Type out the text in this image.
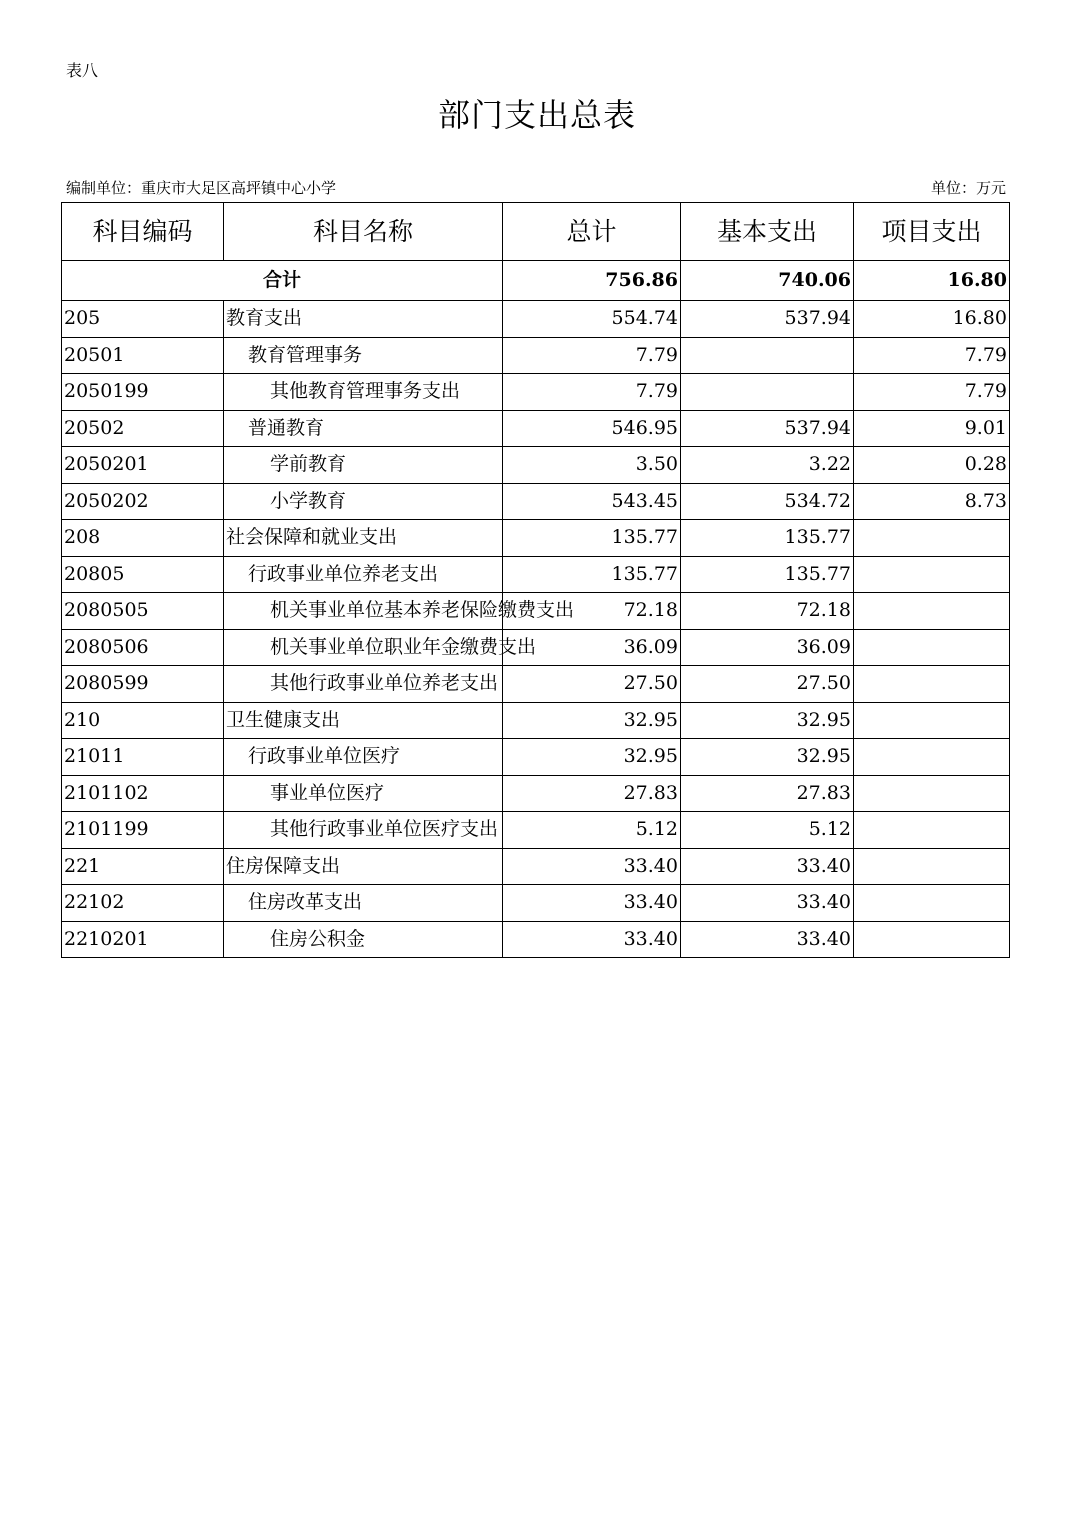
表八
部门支出总表
编制单位：重庆市大足区高坪镇中心小学	单位：万元
科目编码	科目名称	总计	基本支出	项目支出
合计		756.86	740.06	16.80
205	教育支出	554.74	537.94	16.80
20501	教育管理事务	7.79		7.79
2050199	其他教育管理事务支出	7.79		7.79
20502	普通教育	546.95	537.94	9.01
2050201	学前教育	3.50	3.22	0.28
2050202	小学教育	543.45	534.72	8.73
208	社会保障和就业支出	135.77	135.77	
20805	行政事业单位养老支出	135.77	135.77	
2080505	机关事业单位基本养老保险缴费支出	72.18	72.18	
2080506	机关事业单位职业年金缴费支出	36.09	36.09	
2080599	其他行政事业单位养老支出	27.50	27.50	
210	卫生健康支出	32.95	32.95	
21011	行政事业单位医疗	32.95	32.95	
2101102	事业单位医疗	27.83	27.83	
2101199	其他行政事业单位医疗支出	5.12	5.12	
221	住房保障支出	33.40	33.40	
22102	住房改革支出	33.40	33.40	
2210201	住房公积金	33.40	33.40	
